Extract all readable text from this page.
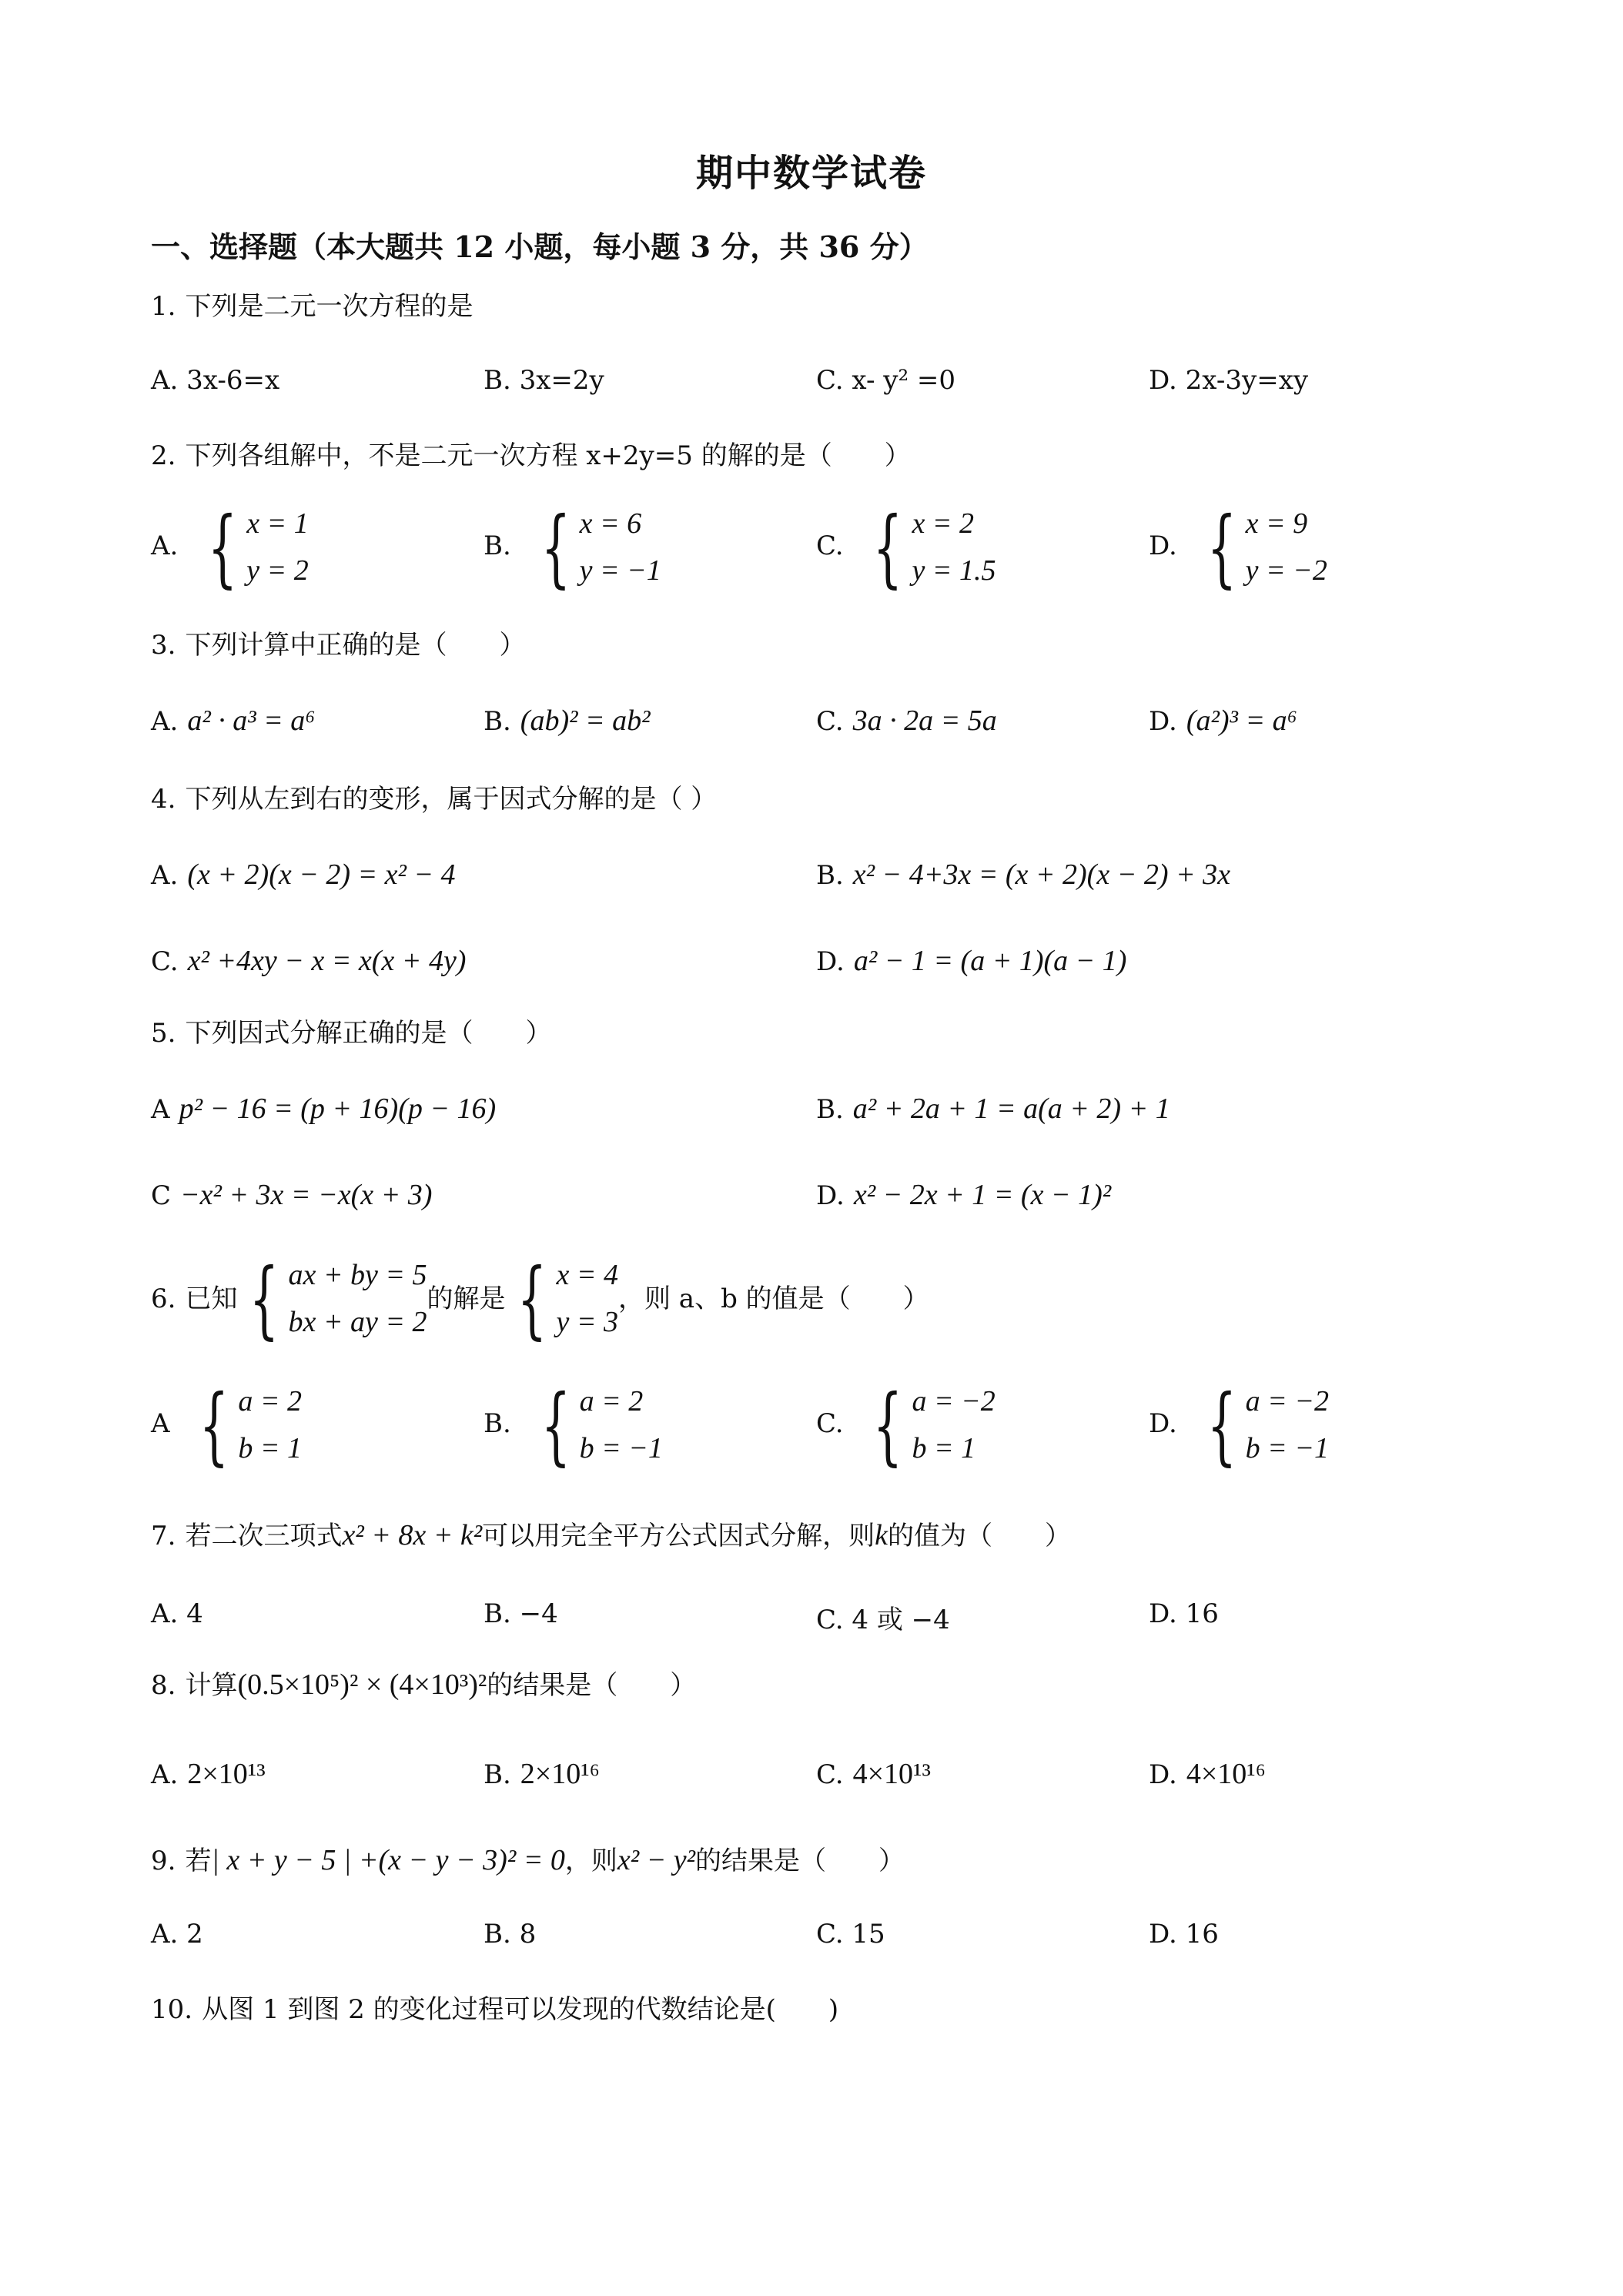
期中数学试卷
一、选择题（本大题共 12 小题，每小题 3 分，共 36 分）
1. 下列是二元一次方程的是
A. 3x-6=x	B. 3x=2y	C. x- y² =0	D. 2x-3y=xy
2. 下列各组解中，不是二元一次方程 x+2y=5 的解的是（　　）
A. { x = 1
y = 2
B. { x = 6
y = −1
C. { x = 2
y = 1.5
D. { x = 9
y = −2
3. 下列计算中正确的是（　　）
A. a² · a³ = a⁶	B. (ab)² = ab²	C. 3a · 2a = 5a	D. (a²)³ = a⁶
4. 下列从左到右的变形，属于因式分解的是（ ）
A. (x + 2)(x − 2) = x² − 4	B. x² − 4+3x = (x + 2)(x − 2) + 3x
C. x² +4xy − x = x(x + 4y)	D. a² − 1 = (a + 1)(a − 1)
5. 下列因式分解正确的是（　　）
A p² − 16 = (p + 16)(p − 16)	B. a² + 2a + 1 = a(a + 2) + 1
C −x² + 3x = −x(x + 3)	D. x² − 2x + 1 = (x − 1)²
6. 已知 { ax + by = 5
bx + ay = 2
的解是 { x = 4
y = 3
，则 a、b 的值是（　　）
A { a = 2
b = 1
B. { a = 2
b = −1
C. { a = −2
b = 1
D. { a = −2
b = −1
7. 若二次三项式x² + 8x + k²可以用完全平方公式因式分解，则k的值为（　　）
A. 4	B. −4	C. 4 或 −4	D. 16
8. 计算(0.5×10⁵)² × (4×10³)²的结果是（　　）
A. 2×10¹³	B. 2×10¹⁶	C. 4×10¹³	D. 4×10¹⁶
9. 若| x + y − 5 | +(x − y − 3)² = 0，则x² − y²的结果是（　　）
A. 2	B. 8	C. 15	D. 16
10. 从图 1 到图 2 的变化过程可以发现的代数结论是(　　)
